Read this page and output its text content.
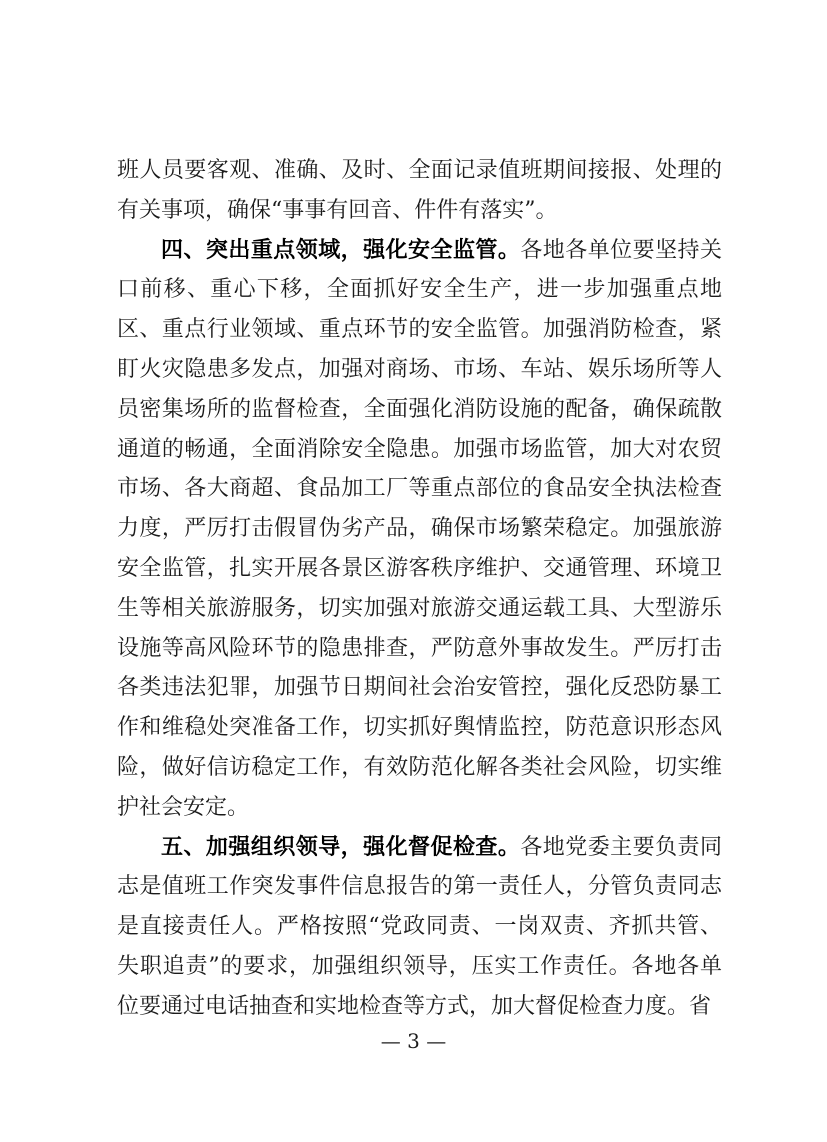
班人员要客观、准确、及时、全面记录值班期间接报、处理的有关事项，确保“事事有回音、件件有落实”。

四、突出重点领域，强化安全监管。各地各单位要坚持关口前移、重心下移，全面抓好安全生产，进一步加强重点地区、重点行业领域、重点环节的安全监管。加强消防检查，紧盯火灾隐患多发点，加强对商场、市场、车站、娱乐场所等人员密集场所的监督检查，全面强化消防设施的配备，确保疏散通道的畅通，全面消除安全隐患。加强市场监管，加大对农贸市场、各大商超、食品加工厂等重点部位的食品安全执法检查力度，严厉打击假冒伪劣产品，确保市场繁荣稳定。加强旅游安全监管，扎实开展各景区游客秩序维护、交通管理、环境卫生等相关旅游服务，切实加强对旅游交通运载工具、大型游乐设施等高风险环节的隐患排查，严防意外事故发生。严厉打击各类违法犯罪，加强节日期间社会治安管控，强化反恐防暴工作和维稳处突准备工作，切实抓好舆情监控，防范意识形态风险，做好信访稳定工作，有效防范化解各类社会风险，切实维护社会安定。

五、加强组织领导，强化督促检查。各地党委主要负责同志是值班工作突发事件信息报告的第一责任人，分管负责同志是直接责任人。严格按照“党政同责、一岗双责、齐抓共管、失职追责”的要求，加强组织领导，压实工作责任。各地各单位要通过电话抽查和实地检查等方式，加大督促检查力度。省

— 3 —
